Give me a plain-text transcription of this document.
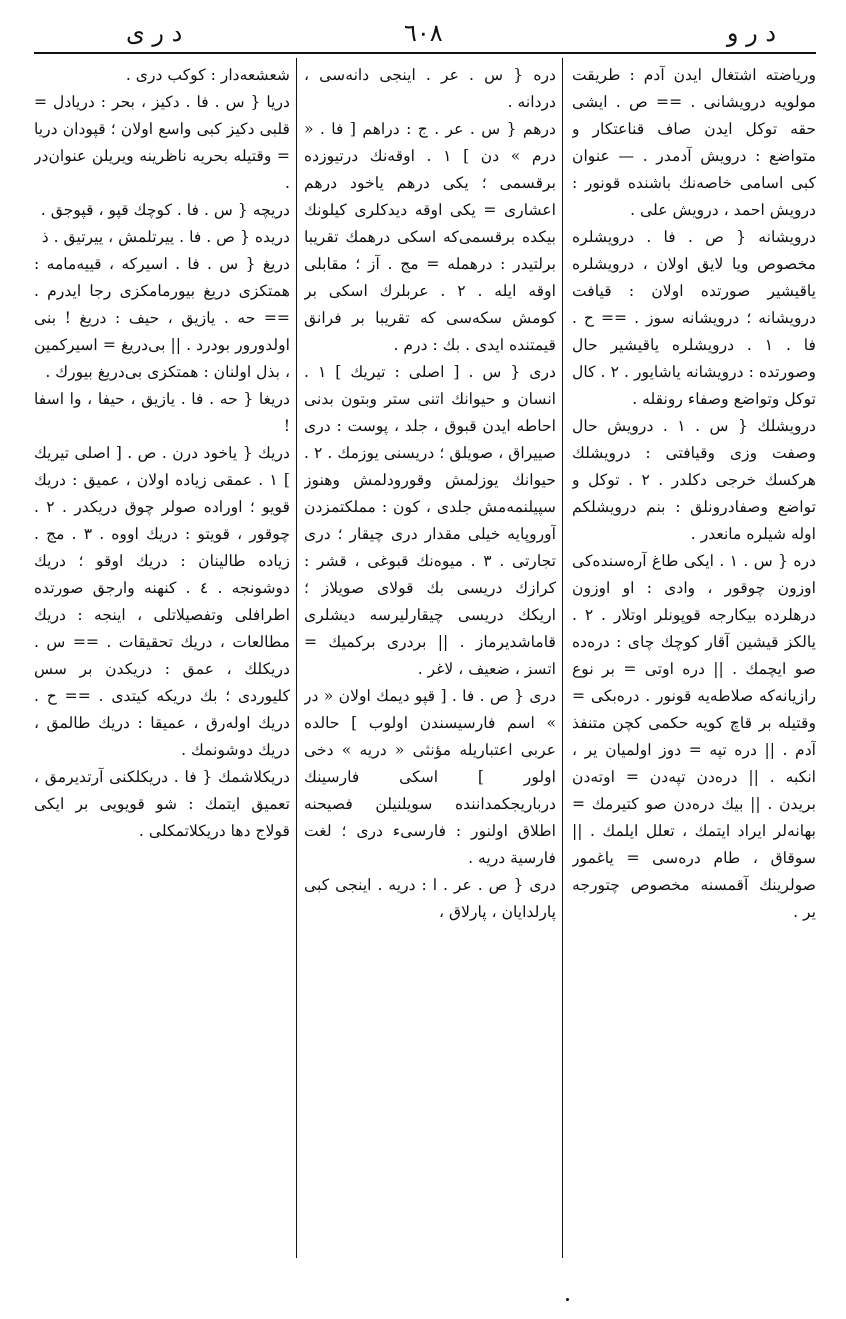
د ر ى	٦٠٨	د ر و

وریاضته اشتغال ایدن آدم : طریقت مولویه درویشانى . == ص . ایشى حقه توكل ایدن صاف قناعتكار و متواضع : درویش آدمدر . — عنوان كبى اسامى خاصه‌نك باشنده قونور : درویش احمد ، درویش على .

درویشانه { ص . فا . درویشلره مخصوص ویا لایق اولان ، درویشلره یاقیشیر صورتده اولان : قیافت درویشانه ؛ درویشانه سوز . == ح . فا . ١ . درویشلره یاقیشیر حال وصورتده : درویشانه یاشایور . ٢ . كال توكل وتواضع وصفاء رونقله .

درویشلك { س . ١ . درویش حال وصفت وزى وقیافتى : درویشلك هركسك خرجى دكلدر . ٢ . توكل و تواضع وصفادرونلق : بنم درویشلكم اوله شیلره مانعدر .

دره { س . ١ . ایكى طاغ آره‌سنده‌كى اوزون چوقور ، وادى : او اوزون درهلرده بیكارجه قوپونلر اوتلار . ٢ . یالكز قیشین آقار كوچك چاى : دره‌ده صو ایچمك . || دره اوتى = بر نوع رازیانه‌كه صلاطه‌یه قونور . دره‌بكى = وقتیله بر قاچ كویه حكمى كچن متنفذ آدم . || دره تپه = دوز اولمیان یر ، انكبه . || دره‌دن تپه‌دن = اوته‌دن بریدن . || بیك دره‌دن صو كتیرمك = بهانه‌لر ایراد ایتمك ، تعلل ایلمك . || سوقاق ، طام دره‌سى = یاغمور صولرینك آقمسنه مخصوص چتورجه یر .

دره { س . عر . اینجى دانه‌سى ، دردانه .

درهم { س . عر . ج : دراهم [ فا . « درم » دن ] ١ . اوقه‌نك درتیوزده برقسمى ؛ یكى درهم یاخود درهم اعشارى = یكى اوقه دیدكلرى كیلونك بیكده برقسمى‌كه اسكى درهمك تقریبا برلتیدر : درهمله = مج . آز ؛ مقابلى اوقه ایله . ٢ . عربلرك اسكى بر كومش سكه‌سى كه تقریبا بر فرانق قیمتنده ایدى . بك : درم .

درى { س . [ اصلى : تیریك ] ١ . انسان و حیوانك اتنى ستر وبتون بدنى احاطه ایدن قبوق ، جلد ، پوست : درى صییراق ، صویلق ؛ دریسنى یوزمك . ٢ . حیوانك یوزلمش وقورودلمش وهنوز سپیلنمه‌مش جلدى ، كون : مملكتمزدن آوروپایه خیلى مقدار درى چیقار ؛ درى تجارتى . ٣ . میوه‌نك قبوغى ، قشر : كرازك دریسى بك قولاى صویلاز ؛ اریكك دریسى چیقارلیرسه دیشلرى قاماشدیرماز . || بردرى بركمیك = اتسز ، ضعیف ، لاغر .

درى { ص . فا . [ قپو دیمك اولان « در » اسم فارسیسندن اولوب ] حالده عربى اعتباریله مؤنثى « دریه » دخى اولور ] اسكى فارسینك درباریجكمداننده سویلنیلن فصیحنه اطلاق اولنور : فارسیء درى ؛ لغت فارسیة دریه .

درى { ص . عر . ا : دریه . اینجى كبى پارلدایان ، پارلاق ،

شعشعه‌دار : كوكب درى .

دریا { س . فا . دكیز ، بحر : دریادل = قلبى دكیز كبى واسع اولان ؛ قپودان دریا = وقتیله بحریه ناظرینه ویریلن عنوان‌در .

دریچه { س . فا . كوچك قپو ، قپوجق .

دریده { ص . فا . ییرتلمش ، ییرتیق . ذ

دریغ { س . فا . اسیركه ، قییه‌مامه : همتكزى دریغ بیورمامكزى رجا ایدرم . == حه . یازیق ، حیف : دریغ ! بنى اولدورور بودرد . || بى‌دریغ = اسیركمین ، بذل اولنان : همتكزى بى‌دریغ بیورك .

دریغا { حه . فا . یازیق ، حیفا ، وا اسفا !

دریك { یاخود درن . ص . [ اصلى تیریك ] ١ . عمقى زیاده اولان ، عمیق : دریك قویو ؛ اوراده صولر چوق دریكدر . ٢ . چوقور ، قویتو : دریك اووه . ٣ . مج . زیاده طالینان : دریك اوقو ؛ دریك دوشونجه . ٤ . كنهنه وارجق صورتده اطرافلى وتفصیلاتلى ، اینجه : دریك مطالعات ، دریك تحقیقات . == س . دریكلك ، عمق : دریكدن بر سس كلیوردى ؛ بك دریكه كیتدى . == ح . دریك اوله‌رق ، عمیقا : دریك طالمق ، دریك دوشونمك .

دریكلاشمك { فا . دریكلكنى آرتدیرمق ، تعمیق ایتمك : شو قویویى بر ایكى قولاج دها دریكلاتمكلى .
